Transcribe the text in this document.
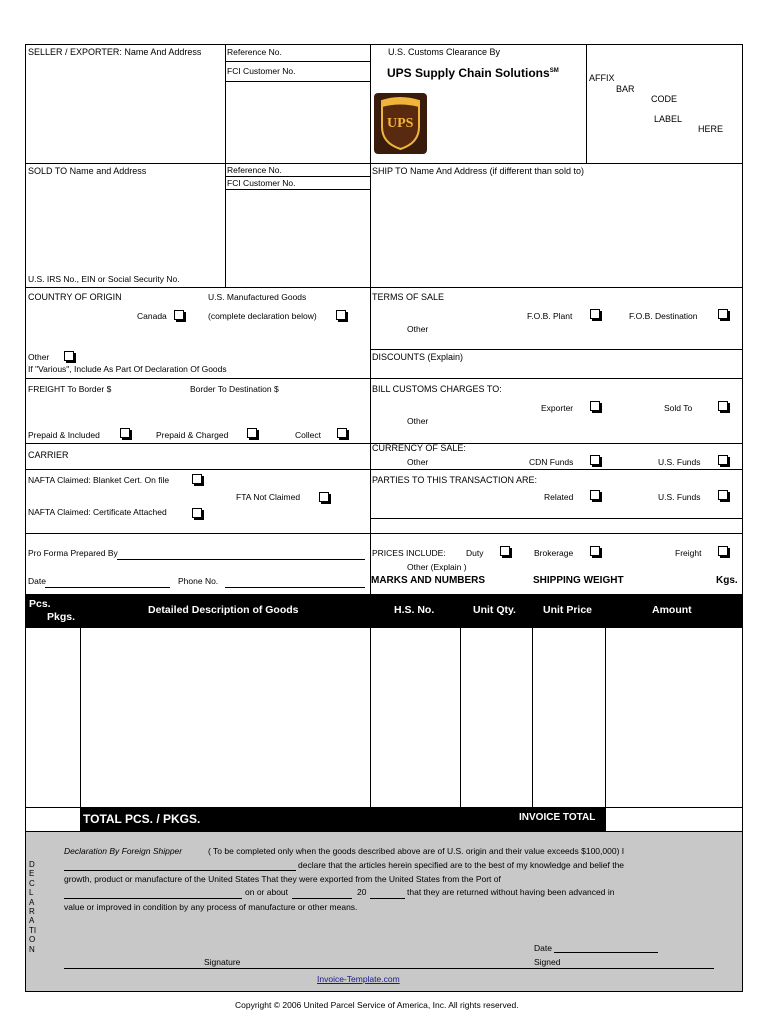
SELLER / EXPORTER: Name And Address	Reference No.
FCI Customer No.
U.S. Customs Clearance By
UPS Supply Chain Solutions℠
UPS
AFFIX
BAR
CODE
LABEL
HERE
SOLD TO Name and Address	Reference No.
FCI Customer No.
U.S. IRS No., EIN or Social Security No.
SHIP TO Name And Address (if different than sold to)
COUNTRY OF ORIGIN	U.S. Manufactured Goods
Canada	(complete declaration below)
Other
If "Various", Include As Part Of Declaration Of Goods
TERMS OF SALE
Other
F.O.B. Plant	F.O.B. Destination
DISCOUNTS (Explain)
FREIGHT To Border $	Border To Destination $
Prepaid & Included	Prepaid & Charged	Collect
BILL CUSTOMS CHARGES TO:
Other
Exporter	Sold To
CARRIER
CURRENCY OF SALE:
Other	CDN Funds	U.S. Funds
NAFTA Claimed: Blanket Cert. On file
FTA Not Claimed
NAFTA Claimed: Certificate Attached
PARTIES TO THIS TRANSACTION ARE:
Related	U.S. Funds
Pro Forma Prepared By
Date	Phone No.
PRICES INCLUDE: Duty	Brokerage	Freight
Other (Explain )
MARKS AND NUMBERS	SHIPPING WEIGHT	Kgs.
Pcs.
Pkgs.
Detailed Description of Goods	H.S. No.	Unit Qty.	Unit Price	Amount
TOTAL PCS. / PKGS.	INVOICE TOTAL
DECLARATION
Declaration By Foreign Shipper	( To be completed only when the goods described above are of U.S. origin and their value exceeds $100,000) I
declare that the articles herein specified are to the best of my knowledge and belief the
growth, product or manufacture of the United States That they were exported from the United States from the Port of
on or about	20	that they are returned without having been advanced in
value or improved in condition by any process of manufacture or other means.
Date
Signature	Signed
Invoice-Template.com
Copyright © 2006 United Parcel Service of America, Inc. All rights reserved.
